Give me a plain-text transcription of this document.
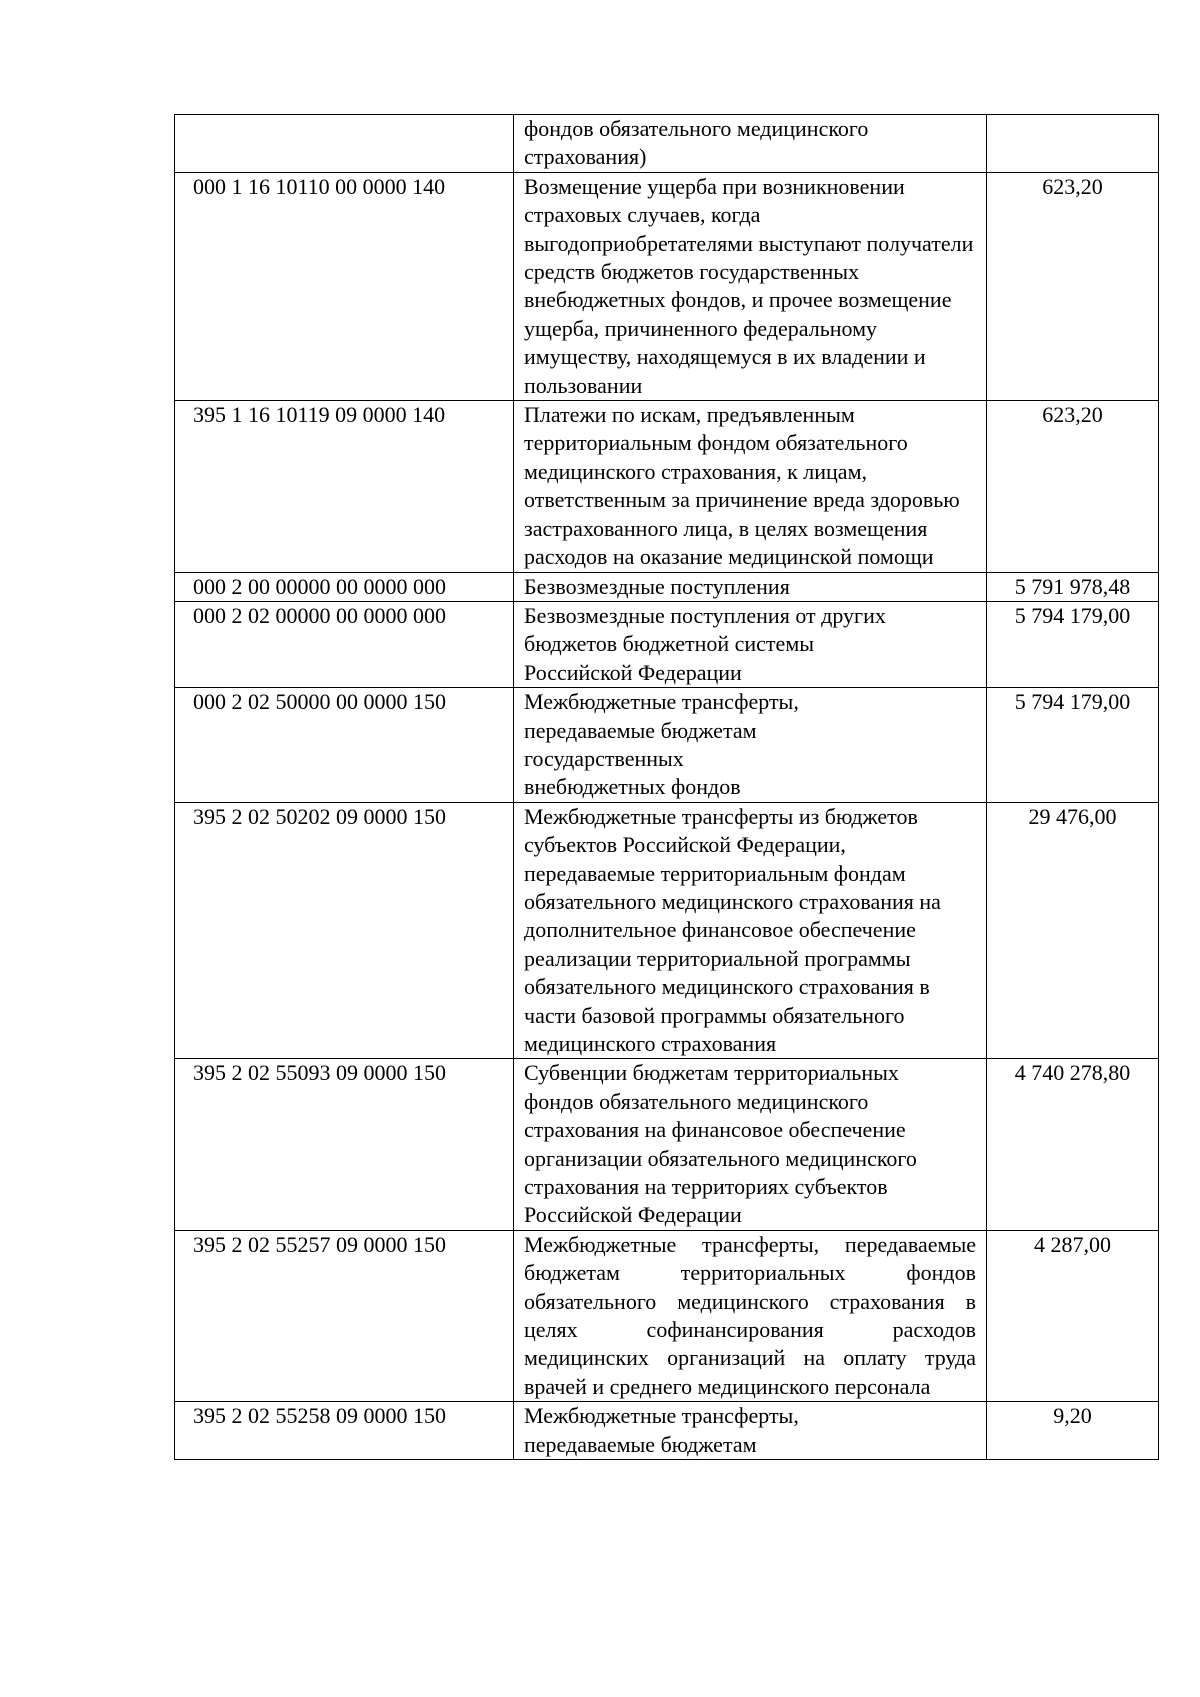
	фондов обязательного медицинского страхования)	

000 1 16 10110 00 0000 140	Возмещение ущерба при возникновении страховых случаев, когда выгодоприобретателями выступают получатели средств бюджетов государственных внебюджетных фондов, и прочее возмещение ущерба, причиненного федеральному имуществу, находящемуся в их владении и пользовании	623,20
395 1 16 10119 09 0000 140	Платежи по искам, предъявленным территориальным фондом обязательного медицинского страхования, к лицам, ответственным за причинение вреда здоровью застрахованного лица, в целях возмещения расходов на оказание медицинской помощи	623,20
000 2 00 00000 00 0000 000	Безвозмездные поступления	5 791 978,48
000 2 02 00000 00 0000 000	Безвозмездные поступления от других бюджетов бюджетной системы Российской Федерации	5 794 179,00
000 2 02 50000 00 0000 150	Межбюджетные трансферты, передаваемые бюджетам государственных внебюджетных фондов	5 794 179,00
395 2 02 50202 09 0000 150	Межбюджетные трансферты из бюджетов субъектов Российской Федерации, передаваемые территориальным фондам обязательного медицинского страхования на дополнительное финансовое обеспечение реализации территориальной программы обязательного медицинского страхования в части базовой программы обязательного медицинского страхования	29 476,00
395 2 02 55093 09 0000 150	Субвенции бюджетам территориальных фондов обязательного медицинского страхования на финансовое обеспечение организации обязательного медицинского страхования на территориях субъектов Российской Федерации	4 740 278,80
395 2 02 55257 09 0000 150	Межбюджетные трансферты, передаваемые бюджетам территориальных фондов обязательного медицинского страхования в целях софинансирования расходов медицинских организаций на оплату труда врачей и среднего медицинского персонала	4 287,00
395 2 02 55258 09 0000 150	Межбюджетные трансферты, передаваемые бюджетам	9,20
